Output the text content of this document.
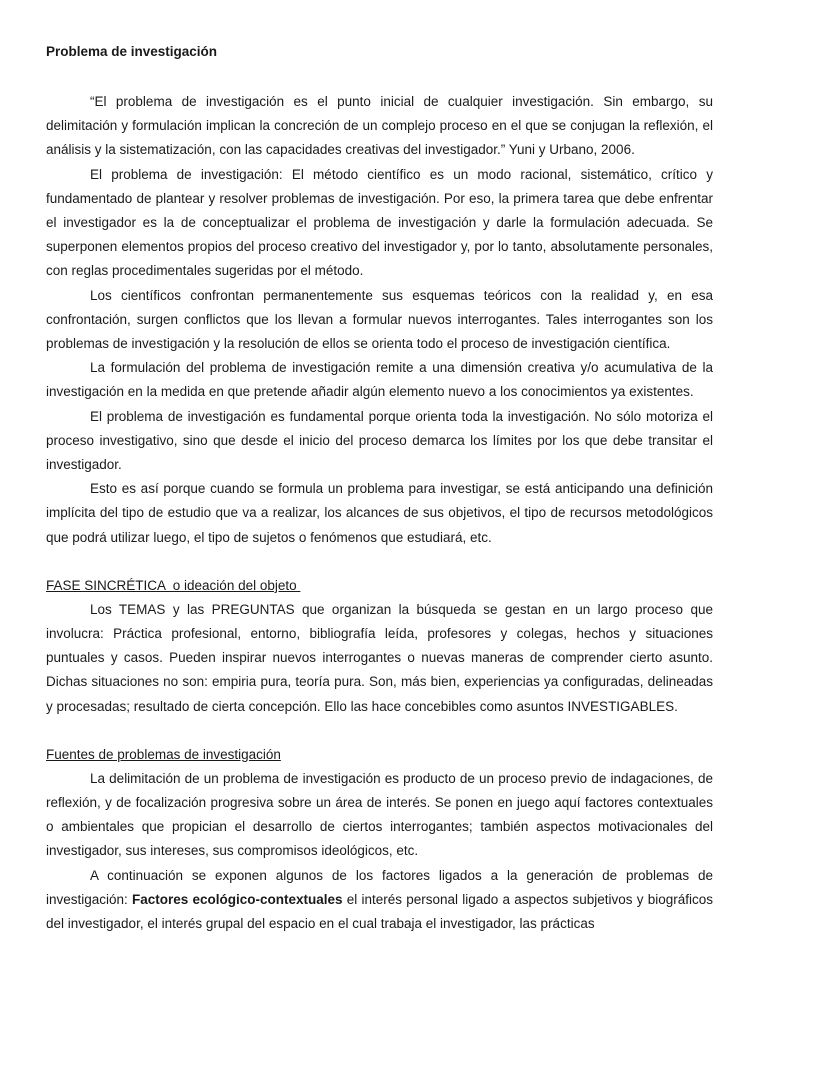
Problema de investigación

“El problema de investigación es el punto inicial de cualquier investigación. Sin embargo, su delimitación y formulación implican la concreción de un complejo proceso en el que se conjugan la reflexión, el análisis y la sistematización, con las capacidades creativas del investigador.” Yuni y Urbano, 2006.

El problema de investigación: El método científico es un modo racional, sistemático, crítico y fundamentado de plantear y resolver problemas de investigación. Por eso, la primera tarea que debe enfrentar el investigador es la de conceptualizar el problema de investigación y darle la formulación adecuada. Se superponen elementos propios del proceso creativo del investigador y, por lo tanto, absolutamente personales, con reglas procedimentales sugeridas por el método.

Los científicos confrontan permanentemente sus esquemas teóricos con la realidad y, en esa confrontación, surgen conflictos que los llevan a formular nuevos interrogantes. Tales interrogantes son los problemas de investigación y la resolución de ellos se orienta todo el proceso de investigación científica.

La formulación del problema de investigación remite a una dimensión creativa y/o acumulativa de la investigación en la medida en que pretende añadir algún elemento nuevo a los conocimientos ya existentes.

El problema de investigación es fundamental porque orienta toda la investigación. No sólo motoriza el proceso investigativo, sino que desde el inicio del proceso demarca los límites por los que debe transitar el investigador.

Esto es así porque cuando se formula un problema para investigar, se está anticipando una definición implícita del tipo de estudio que va a realizar, los alcances de sus objetivos, el tipo de recursos metodológicos que podrá utilizar luego, el tipo de sujetos o fenómenos que estudiará, etc.

FASE SINCRÉTICA  o ideación del objeto

Los TEMAS y las PREGUNTAS que organizan la búsqueda se gestan en un largo proceso que involucra: Práctica profesional, entorno, bibliografía leída, profesores y colegas, hechos y situaciones puntuales y casos. Pueden inspirar nuevos interrogantes o nuevas maneras de comprender cierto asunto. Dichas situaciones no son: empiria pura, teoría pura. Son, más bien, experiencias ya configuradas, delineadas y procesadas; resultado de cierta concepción. Ello las hace concebibles como asuntos INVESTIGABLES.

Fuentes de problemas de investigación

La delimitación de un problema de investigación es producto de un proceso previo de indagaciones, de reflexión, y de focalización progresiva sobre un área de interés. Se ponen en juego aquí factores contextuales o ambientales que propician el desarrollo de ciertos interrogantes; también aspectos motivacionales del investigador, sus intereses, sus compromisos ideológicos, etc.

A continuación se exponen algunos de los factores ligados a la generación de problemas de investigación: Factores ecológico-contextuales el interés personal ligado a aspectos subjetivos y biográficos del investigador, el interés grupal del espacio en el cual trabaja el investigador, las prácticas
